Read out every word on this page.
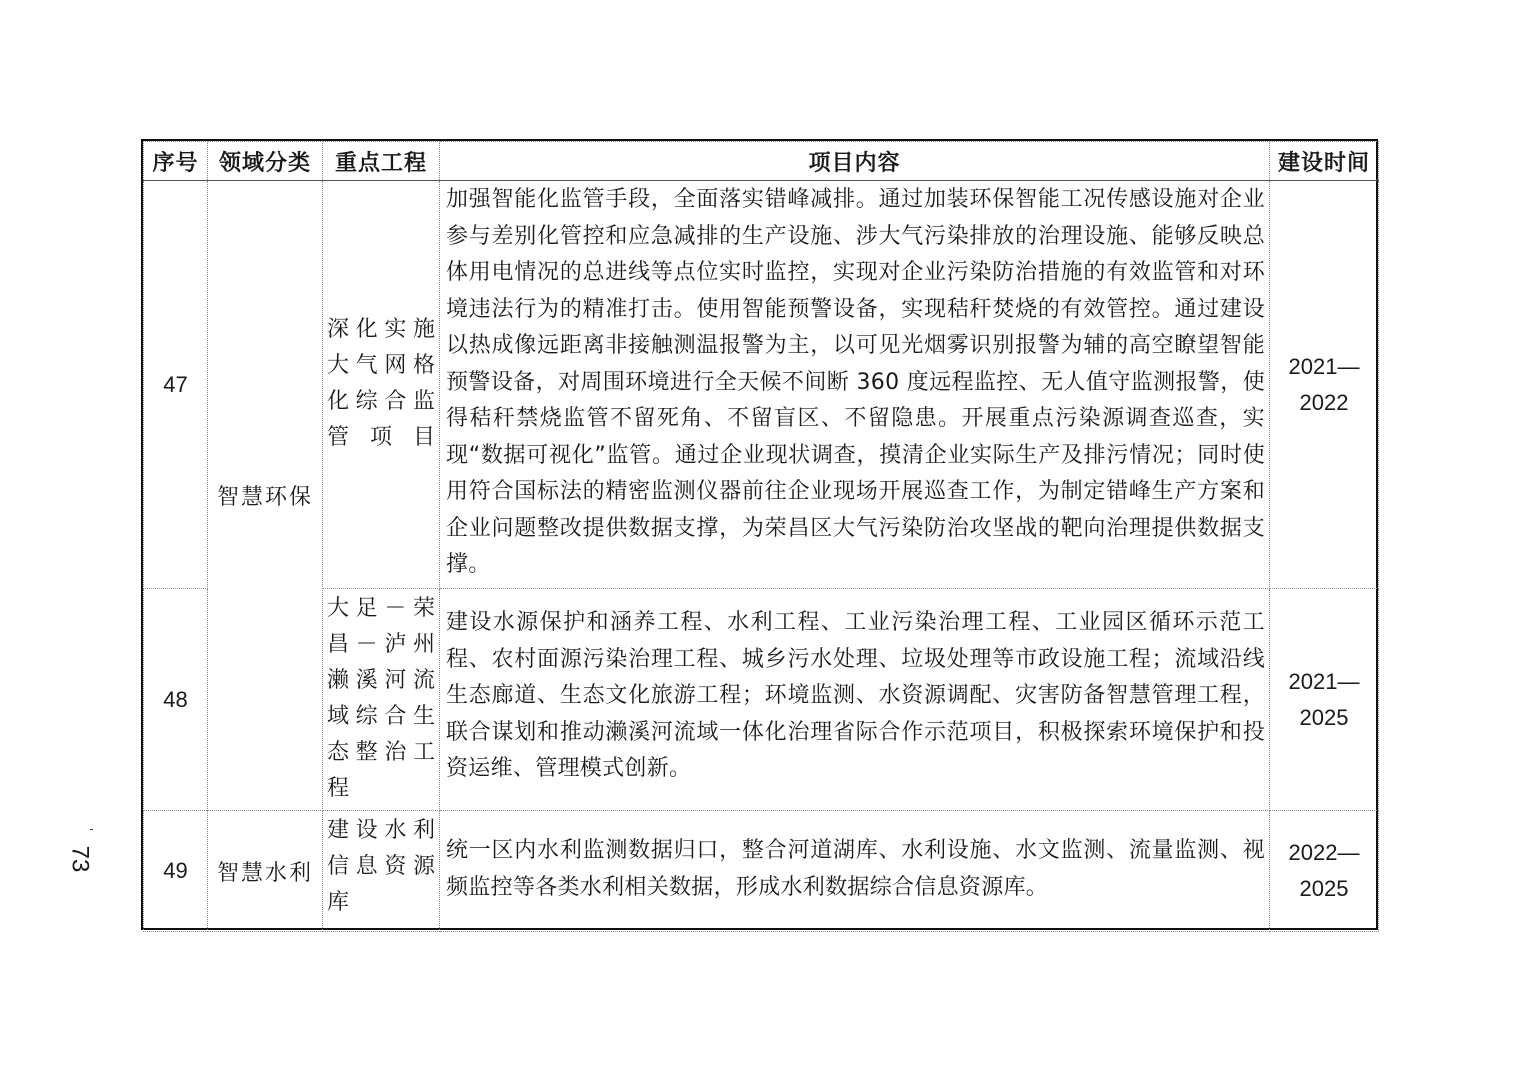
序号	领域分类	重点工程	项目内容	建设时间
47	智慧环保	深化实施大气网格化综合监管项目	加强智能化监管手段，全面落实错峰减排。通过加装环保智能工况传感设施对企业参与差别化管控和应急减排的生产设施、涉大气污染排放的治理设施、能够反映总体用电情况的总进线等点位实时监控，实现对企业污染防治措施的有效监管和对环境违法行为的精准打击。使用智能预警设备，实现秸秆焚烧的有效管控。通过建设以热成像远距离非接触测温报警为主，以可见光烟雾识别报警为辅的高空瞭望智能预警设备，对周围环境进行全天候不间断 360 度远程监控、无人值守监测报警，使得秸秆禁烧监管不留死角、不留盲区、不留隐患。开展重点污染源调查巡查，实现“数据可视化”监管。通过企业现状调查，摸清企业实际生产及排污情况；同时使用符合国标法的精密监测仪器前往企业现场开展巡查工作，为制定错峰生产方案和企业问题整改提供数据支撑，为荣昌区大气污染防治攻坚战的靶向治理提供数据支撑。	2021—
2022

48		大足－荣昌－泸州濑溪河流域综合生态整治工程	建设水源保护和涵养工程、水利工程、工业污染治理工程、工业园区循环示范工程、农村面源污染治理工程、城乡污水处理、垃圾处理等市政设施工程；流域沿线生态廊道、生态文化旅游工程；环境监测、水资源调配、灾害防备智慧管理工程，联合谋划和推动濑溪河流域一体化治理省际合作示范项目，积极探索环境保护和投资运维、管理模式创新。	2021—
2025

49	智慧水利	建设水利信息资源库	统一区内水利监测数据归口，整合河道湖库、水利设施、水文监测、流量监测、视频监控等各类水利相关数据，形成水利数据综合信息资源库。	2022—
2025
73
